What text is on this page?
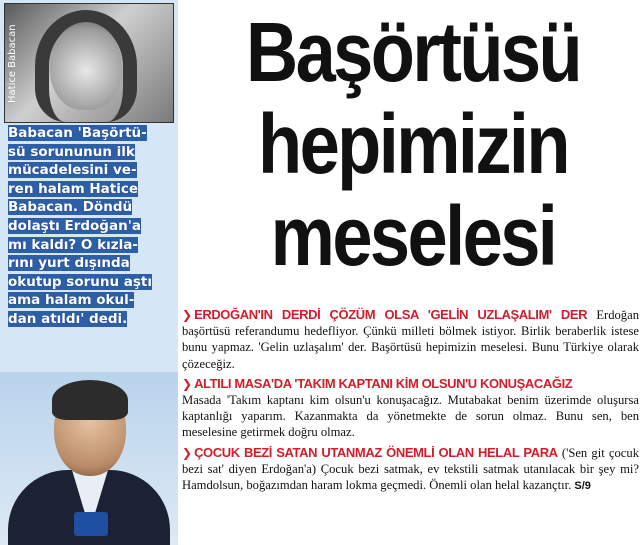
Hatice Babacan
Babacan 'Başörtü-
sü sorununun ilk
mücadelesini ve-
ren halam Hatice
Babacan. Döndü
dolaştı Erdoğan'a
mı kaldı? O kızla-
rını yurt dışında
okutup sorunu aştı
ama halam okul-
dan atıldı' dedi.
Başörtüsü
hepimizin
meselesi

❯ ERDOĞAN'IN DERDİ ÇÖZÜM OLSA 'GELİN UZLAŞALIM' DER Erdoğan başörtüsü referandumu hedefliyor. Çünkü milleti bölmek istiyor. Birlik beraberlik istese bunu yapmaz. 'Gelin uzlaşalım' der. Başörtüsü hepimizin meselesi. Bunu Türkiye olarak çözeceğiz.

❯ ALTILI MASA'DA 'TAKIM KAPTANI KİM OLSUN'U KONUŞACAĞIZ
Masada 'Takım kaptanı kim olsun'u konuşacağız. Mutabakat benim üzerimde oluşursa kaptanlığı yaparım. Kazanmakta da yönetmekte de sorun olmaz. Bunu sen, ben meselesine getirmek doğru olmaz.

❯ ÇOCUK BEZİ SATAN UTANMAZ ÖNEMLİ OLAN HELAL PARA ('Sen git çocuk bezi sat' diyen Erdoğan'a) Çocuk bezi satmak, ev tekstili satmak utanılacak bir şey mi? Hamdolsun, boğazımdan haram lokma geçmedi. Önemli olan helal kazançtır. S/9
